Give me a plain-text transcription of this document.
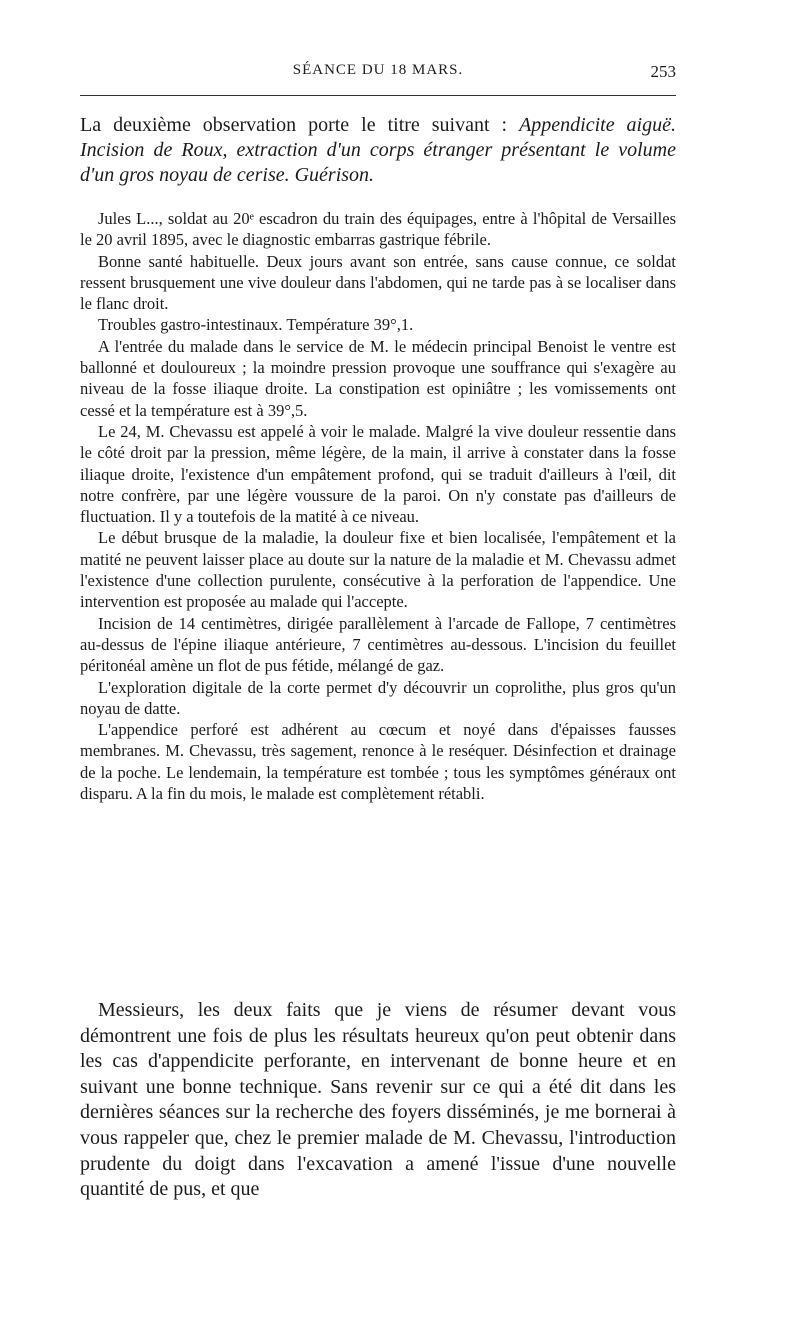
SÉANCE DU 18 MARS.	253
La deuxième observation porte le titre suivant : Appendicite aiguë. Incision de Roux, extraction d'un corps étranger présentant le volume d'un gros noyau de cerise. Guérison.

Jules L..., soldat au 20ᵉ escadron du train des équipages, entre à l'hôpital de Versailles le 20 avril 1895, avec le diagnostic embarras gastrique fébrile.

Bonne santé habituelle. Deux jours avant son entrée, sans cause connue, ce soldat ressent brusquement une vive douleur dans l'abdomen, qui ne tarde pas à se localiser dans le flanc droit.

Troubles gastro-intestinaux. Température 39°,1.

A l'entrée du malade dans le service de M. le médecin principal Benoist le ventre est ballonné et douloureux ; la moindre pression provoque une souffrance qui s'exagère au niveau de la fosse iliaque droite. La constipation est opiniâtre ; les vomissements ont cessé et la température est à 39°,5.

Le 24, M. Chevassu est appelé à voir le malade. Malgré la vive douleur ressentie dans le côté droit par la pression, même légère, de la main, il arrive à constater dans la fosse iliaque droite, l'existence d'un empâtement profond, qui se traduit d'ailleurs à l'œil, dit notre confrère, par une légère voussure de la paroi. On n'y constate pas d'ailleurs de fluctuation. Il y a toutefois de la matité à ce niveau.

Le début brusque de la maladie, la douleur fixe et bien localisée, l'empâtement et la matité ne peuvent laisser place au doute sur la nature de la maladie et M. Chevassu admet l'existence d'une collection purulente, consécutive à la perforation de l'appendice. Une intervention est proposée au malade qui l'accepte.

Incision de 14 centimètres, dirigée parallèlement à l'arcade de Fallope, 7 centimètres au-dessus de l'épine iliaque antérieure, 7 centimètres au-dessous. L'incision du feuillet péritonéal amène un flot de pus fétide, mélangé de gaz.

L'exploration digitale de la corte permet d'y découvrir un coprolithe, plus gros qu'un noyau de datte.

L'appendice perforé est adhérent au cœcum et noyé dans d'épaisses fausses membranes. M. Chevassu, très sagement, renonce à le reséquer. Désinfection et drainage de la poche. Le lendemain, la température est tombée ; tous les symptômes généraux ont disparu. A la fin du mois, le malade est complètement rétabli.

Messieurs, les deux faits que je viens de résumer devant vous démontrent une fois de plus les résultats heureux qu'on peut obtenir dans les cas d'appendicite perforante, en intervenant de bonne heure et en suivant une bonne technique. Sans revenir sur ce qui a été dit dans les dernières séances sur la recherche des foyers disséminés, je me bornerai à vous rappeler que, chez le premier malade de M. Chevassu, l'introduction prudente du doigt dans l'excavation a amené l'issue d'une nouvelle quantité de pus, et que
